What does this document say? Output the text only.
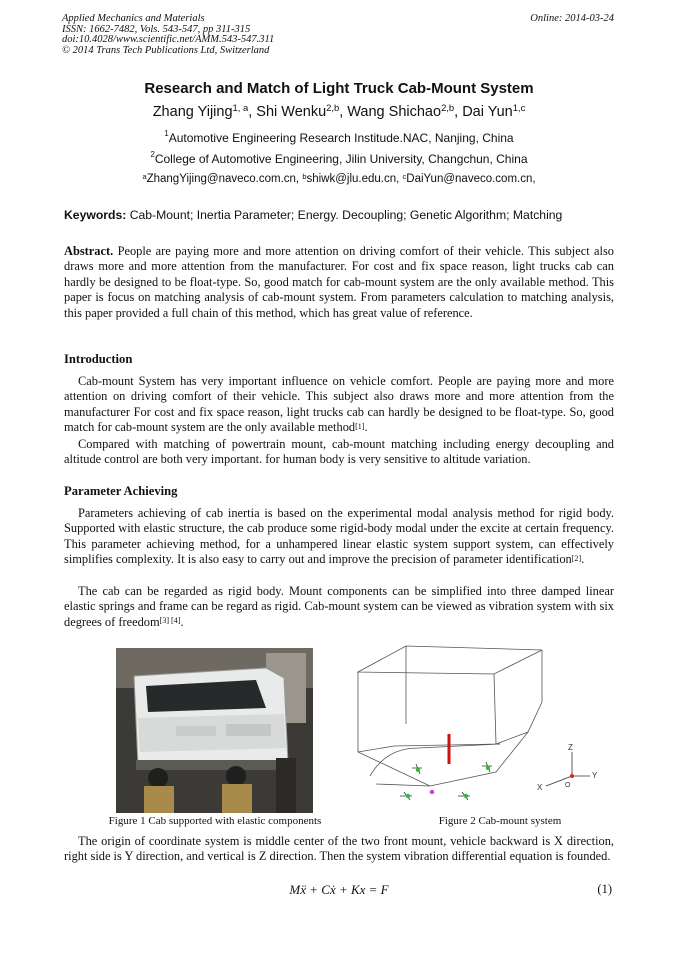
Applied Mechanics and Materials
ISSN: 1662-7482, Vols. 543-547, pp 311-315
doi:10.4028/www.scientific.net/AMM.543-547.311
© 2014 Trans Tech Publications Ltd, Switzerland
Online: 2014-03-24
Research and Match of Light Truck Cab-Mount System
Zhang Yijing$^{1, a}$, Shi Wenku$^{2,b}$, Wang Shichao$^{2,b}$, Dai Yun$^{1,c}$
$^1$Automotive Engineering Research Institude.NAC, Nanjing, China
$^2$College of Automotive Engineering, Jilin University, Changchun, China
$^a$ZhangYijing@naveco.com.cn, $^b$shiwk@jlu.edu.cn, $^c$DaiYun@naveco.com.cn,
Keywords: Cab-Mount; Inertia Parameter; Energy. Decoupling; Genetic Algorithm; Matching
Abstract. People are paying more and more attention on driving comfort of their vehicle. This subject also draws more and more attention from the manufacturer. For cost and fix space reason, light trucks cab can hardly be designed to be float-type. So, good match for cab-mount system are the only available method. This paper is focus on matching analysis of cab-mount system. From parameters calculation to matching analysis, this paper provided a full chain of this method, which has great value of reference.
Introduction
Cab-mount System has very important influence on vehicle comfort. People are paying more and more attention on driving comfort of their vehicle. This subject also draws more and more attention from the manufacturer For cost and fix space reason, light trucks cab can hardly be designed to be float-type. So, good match for cab-mount system are the only available method[1].
Compared with matching of powertrain mount, cab-mount matching including energy decoupling and altitude control are both very important. for human body is very sensitive to altitude variation.
Parameter Achieving
Parameters achieving of cab inertia is based on the experimental modal analysis method for rigid body. Supported with elastic structure, the cab produce some rigid-body modal under the excite at certain frequency. This parameter achieving method, for a unhampered linear elastic system support system, can effectively simplifies complexity. It is also easy to carry out and improve the precision of parameter identification[2].
The cab can be regarded as rigid body. Mount components can be simplified into three damped linear elastic springs and frame can be regard as rigid. Cab-mount system can be viewed as vibration system with six degrees of freedom[3] [4].
Figure 1 Cab supported with elastic components
Z
X
Y
O
Figure 2 Cab-mount system
The origin of coordinate system is middle center of the two front mount, vehicle backward is X direction, right side is Y direction, and vertical is Z direction. Then the system vibration differential equation is founded.
Mẍ + Cẋ + Kx = F	(1)
